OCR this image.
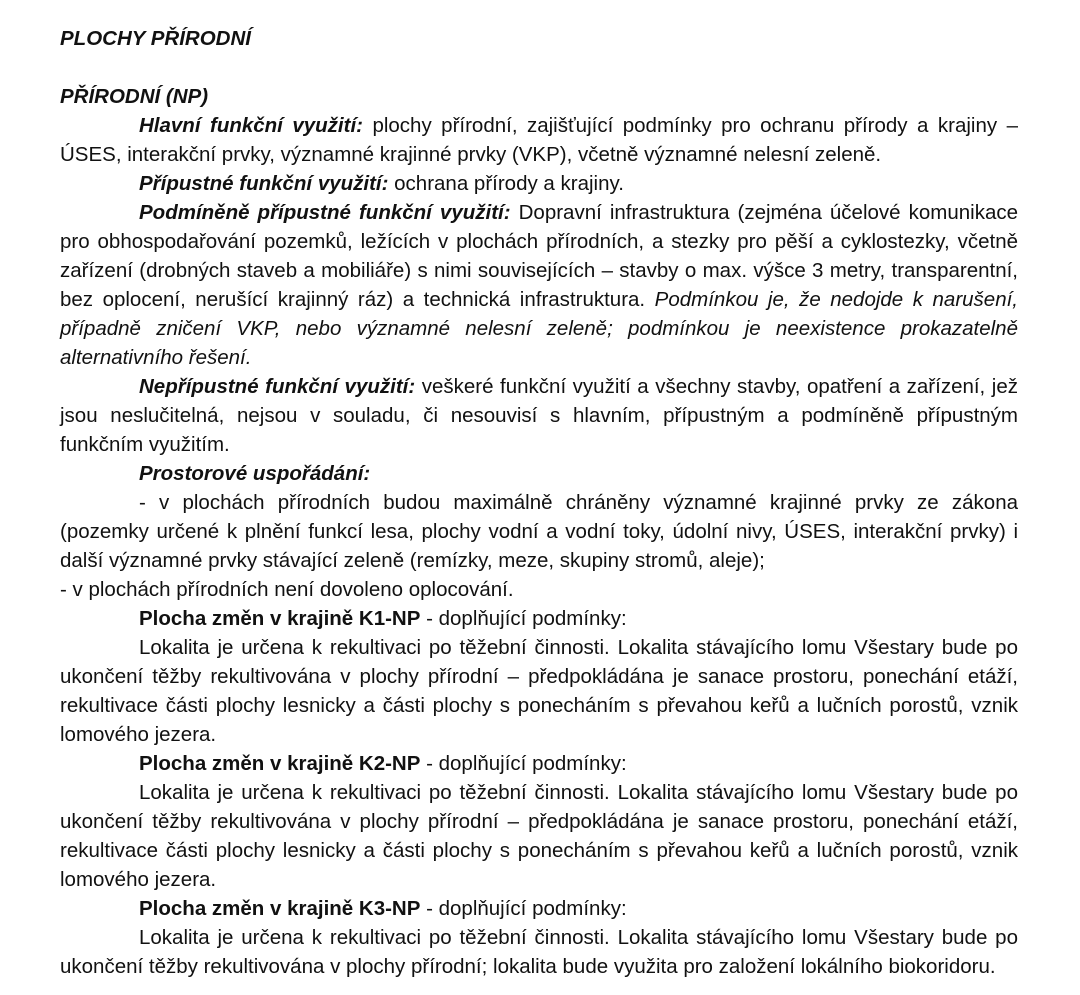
PLOCHY PŘÍRODNÍ
PŘÍRODNÍ (NP)

Hlavní funkční využití: plochy přírodní, zajišťující podmínky pro ochranu přírody a krajiny – ÚSES, interakční prvky, významné krajinné prvky (VKP), včetně významné nelesní zeleně.

Přípustné funkční využití: ochrana přírody a krajiny.

Podmíněně přípustné funkční využití: Dopravní infrastruktura (zejména účelové komunikace pro obhospodařování pozemků, ležících v plochách přírodních, a stezky pro pěší a cyklostezky, včetně zařízení (drobných staveb a mobiliáře) s nimi souvisejících – stavby o max. výšce 3 metry, transparentní, bez oplocení, nerušící krajinný ráz) a technická infrastruktura. Podmínkou je, že nedojde k narušení, případně zničení VKP, nebo významné nelesní zeleně; podmínkou je neexistence prokazatelně alternativního řešení.

Nepřípustné funkční využití: veškeré funkční využití a všechny stavby, opatření a zařízení, jež jsou neslučitelná, nejsou v souladu, či nesouvisí s hlavním, přípustným a podmíněně přípustným funkčním využitím.

Prostorové uspořádání:

- v plochách přírodních budou maximálně chráněny významné krajinné prvky ze zákona (pozemky určené k plnění funkcí lesa, plochy vodní a vodní toky, údolní nivy, ÚSES, interakční prvky) i další významné prvky stávající zeleně (remízky, meze, skupiny stromů, aleje);

- v plochách přírodních není dovoleno oplocování.

Plocha změn v krajině K1-NP - doplňující podmínky:

Lokalita je určena k rekultivaci po těžební činnosti. Lokalita stávajícího lomu Všestary bude po ukončení těžby rekultivována v plochy přírodní – předpokládána je sanace prostoru, ponechání etáží, rekultivace části plochy lesnicky a části plochy s ponecháním s převahou keřů a lučních porostů, vznik lomového jezera.

Plocha změn v krajině K2-NP - doplňující podmínky:

Lokalita je určena k rekultivaci po těžební činnosti. Lokalita stávajícího lomu Všestary bude po ukončení těžby rekultivována v plochy přírodní – předpokládána je sanace prostoru, ponechání etáží, rekultivace části plochy lesnicky a části plochy s ponecháním s převahou keřů a lučních porostů, vznik lomového jezera.

Plocha změn v krajině K3-NP - doplňující podmínky:

Lokalita je určena k rekultivaci po těžební činnosti. Lokalita stávajícího lomu Všestary bude po ukončení těžby rekultivována v plochy přírodní; lokalita bude využita pro založení lokálního biokoridoru.
